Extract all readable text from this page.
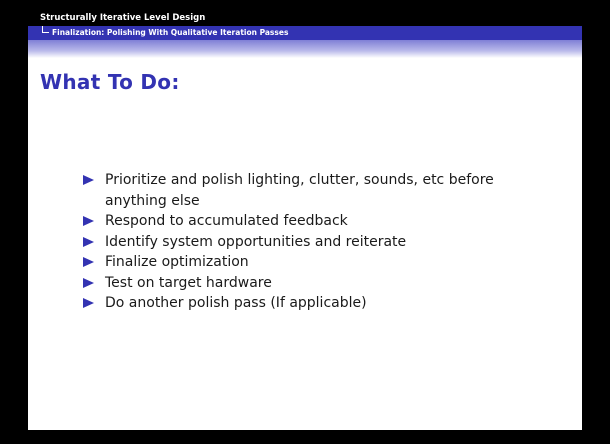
Structurally Iterative Level Design
Finalization: Polishing With Qualitative Iteration Passes
What To Do:
Prioritize and polish lighting, clutter, sounds, etc before anything else
Respond to accumulated feedback
Identify system opportunities and reiterate
Finalize optimization
Test on target hardware
Do another polish pass (If applicable)
